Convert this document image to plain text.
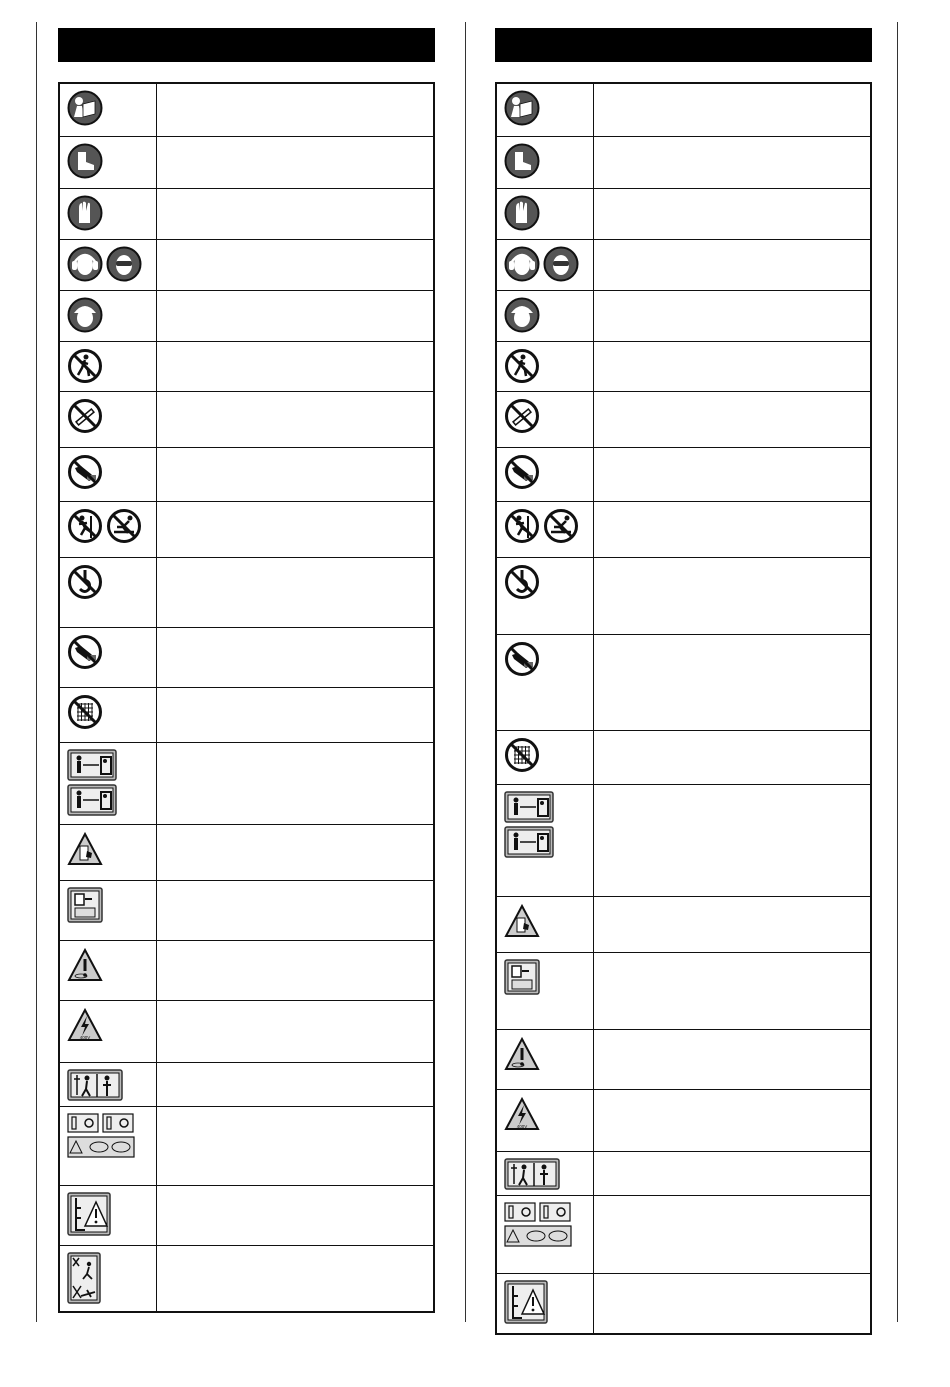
400V
400V
